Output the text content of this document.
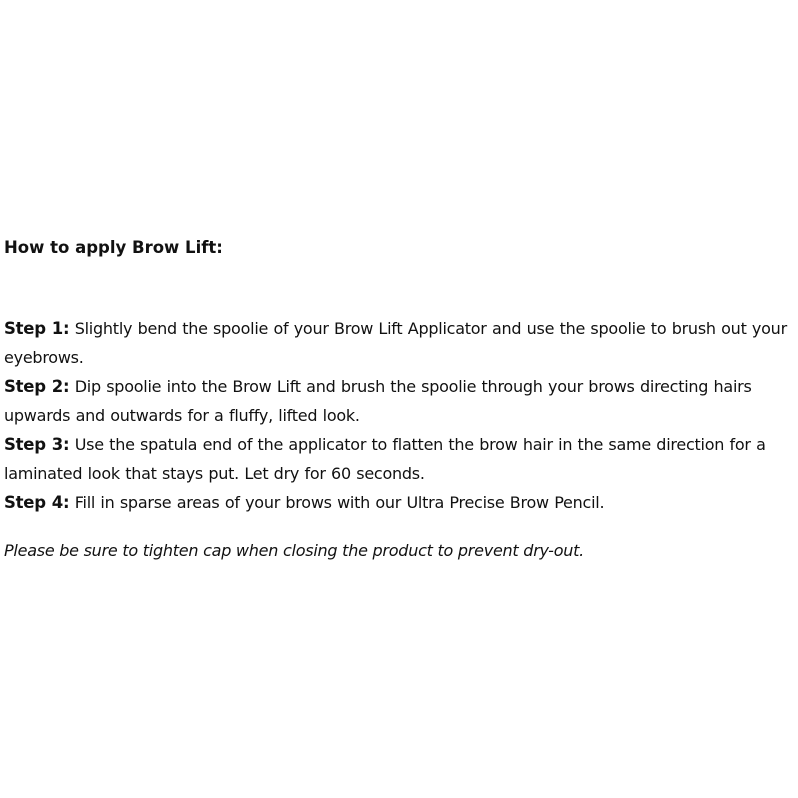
How to apply Brow Lift:
Step 1: Slightly bend the spoolie of your Brow Lift Applicator and use the spoolie to brush out your eyebrows.
Step 2: Dip spoolie into the Brow Lift and brush the spoolie through your brows directing hairs upwards and outwards for a fluffy, lifted look.
Step 3: Use the spatula end of the applicator to flatten the brow hair in the same direction for a laminated look that stays put. Let dry for 60 seconds.
Step 4: Fill in sparse areas of your brows with our Ultra Precise Brow Pencil.

Please be sure to tighten cap when closing the product to prevent dry-out.
